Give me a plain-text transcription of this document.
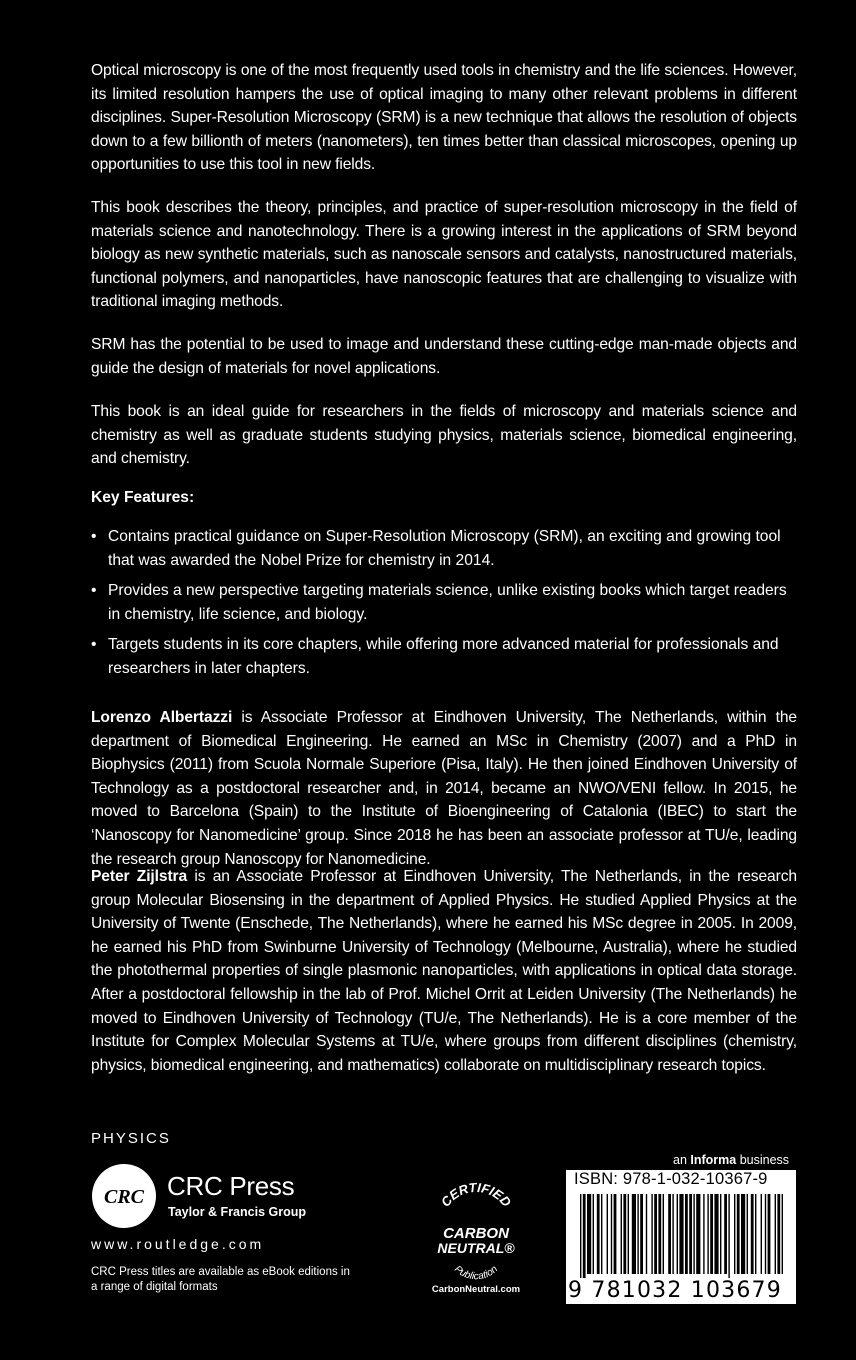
Optical microscopy is one of the most frequently used tools in chemistry and the life sciences. However, its limited resolution hampers the use of optical imaging to many other relevant problems in different disciplines. Super-Resolution Microscopy (SRM) is a new technique that allows the resolution of objects down to a few billionth of meters (nanometers), ten times better than classical microscopes, opening up opportunities to use this tool in new fields.

This book describes the theory, principles, and practice of super-resolution microscopy in the field of materials science and nanotechnology. There is a growing interest in the applications of SRM beyond biology as new synthetic materials, such as nanoscale sensors and catalysts, nanostructured materials, functional polymers, and nanoparticles, have nanoscopic features that are challenging to visualize with traditional imaging methods.

SRM has the potential to be used to image and understand these cutting-edge man-made objects and guide the design of materials for novel applications.

This book is an ideal guide for researchers in the fields of microscopy and materials science and chemistry as well as graduate students studying physics, materials science, biomedical engineering, and chemistry.

Key Features:

• Contains practical guidance on Super-Resolution Microscopy (SRM), an exciting and growing tool that was awarded the Nobel Prize for chemistry in 2014.
• Provides a new perspective targeting materials science, unlike existing books which target readers in chemistry, life science, and biology.
• Targets students in its core chapters, while offering more advanced material for professionals and researchers in later chapters.

Lorenzo Albertazzi is Associate Professor at Eindhoven University, The Netherlands, within the department of Biomedical Engineering. He earned an MSc in Chemistry (2007) and a PhD in Biophysics (2011) from Scuola Normale Superiore (Pisa, Italy). He then joined Eindhoven University of Technology as a postdoctoral researcher and, in 2014, became an NWO/VENI fellow. In 2015, he moved to Barcelona (Spain) to the Institute of Bioengineering of Catalonia (IBEC) to start the ‘Nanoscopy for Nanomedicine’ group. Since 2018 he has been an associate professor at TU/e, leading the research group Nanoscopy for Nanomedicine.

Peter Zijlstra is an Associate Professor at Eindhoven University, The Netherlands, in the research group Molecular Biosensing in the department of Applied Physics. He studied Applied Physics at the University of Twente (Enschede, The Netherlands), where he earned his MSc degree in 2005. In 2009, he earned his PhD from Swinburne University of Technology (Melbourne, Australia), where he studied the photothermal properties of single plasmonic nanoparticles, with applications in optical data storage. After a postdoctoral fellowship in the lab of Prof. Michel Orrit at Leiden University (The Netherlands) he moved to Eindhoven University of Technology (TU/e, The Netherlands). He is a core member of the Institute for Complex Molecular Systems at TU/e, where groups from different disciplines (chemistry, physics, biomedical engineering, and mathematics) collaborate on multidisciplinary research topics.

PHYSICS
CRC CRC Press
Taylor & Francis Group
www.routledge.com
CRC Press titles are available as eBook editions in a range of digital formats
CERTIFIED
CARBON
NEUTRAL®
Publication
CarbonNeutral.com
an Informa business
ISBN: 978-1-032-10367-9
9 781032 103679
